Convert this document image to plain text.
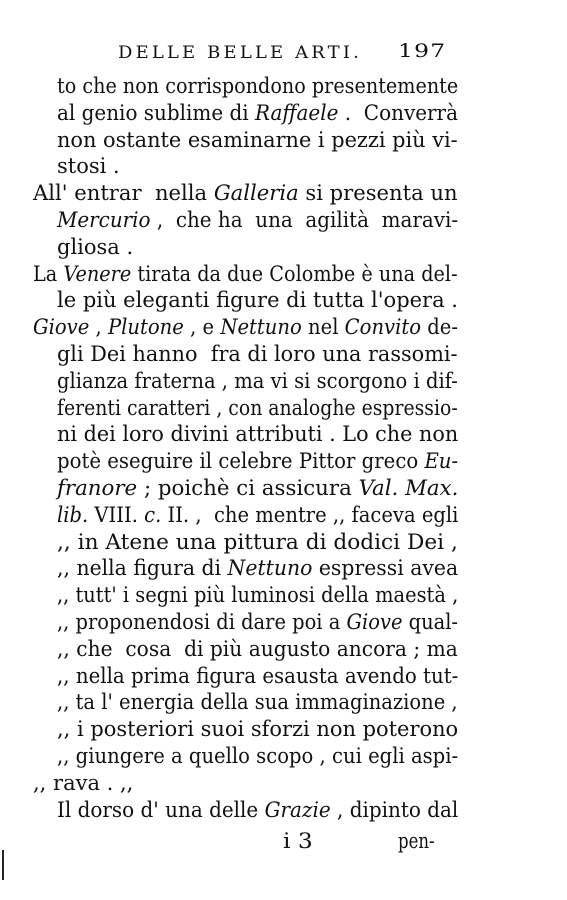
DELLE BELLE ARTI. 197
to che non corrispondono presentemente
al genio sublime di Raffaele .  Converrà
non ostante esaminarne i pezzi più vi-
stosi .
All' entrar  nella Galleria si presenta un
Mercurio ,  che ha  una  agilità  maravi-
gliosa .
La Venere tirata da due Colombe è una del-
le più eleganti figure di tutta l'opera .
Giove , Plutone , e Nettuno nel Convito de-
gli Dei hanno  fra di loro una rassomi-
glianza fraterna , ma vi si scorgono i dif-
ferenti caratteri , con analoghe espressio-
ni dei loro divini attributi . Lo che non
potè eseguire il celebre Pittor greco Eu-
franore ; poichè ci assicura Val. Max.
lib. VIII. c. II. ,  che mentre ,, faceva egli
,, in Atene una pittura di dodici Dei ,
,, nella figura di Nettuno espressi avea
,, tutt' i segni più luminosi della maestà ,
,, proponendosi di dare poi a Giove qual-
,, che  cosa  di più augusto ancora ; ma
,, nella prima figura esausta avendo tut-
,, ta l' energia della sua immaginazione ,
,, i posteriori suoi sforzi non poterono
,, giungere a quello scopo , cui egli aspi-
,, rava . ,,
Il dorso d' una delle Grazie , dipinto dal
i 3	pen-
